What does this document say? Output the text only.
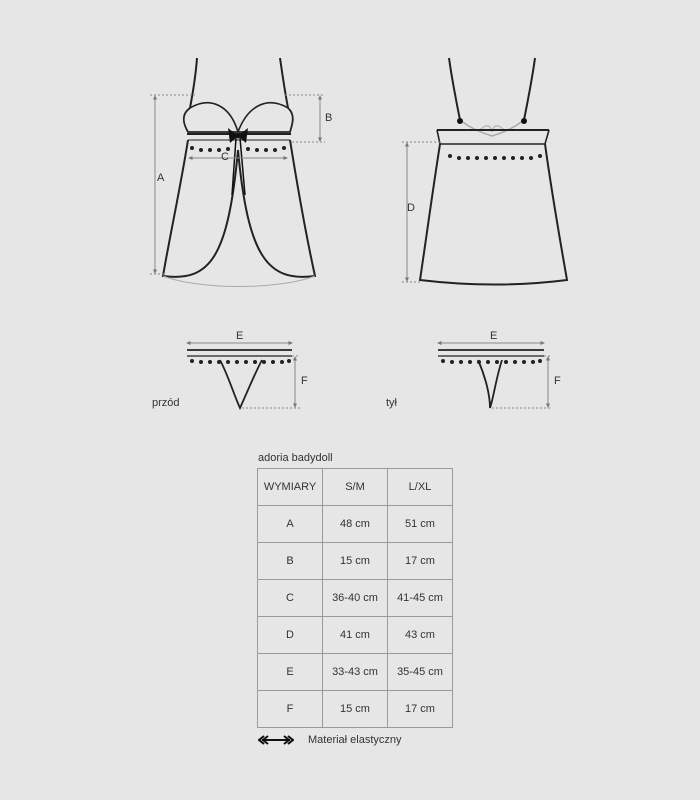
A
B
C
D
E
F
E
F
przód	tył
adoria badydoll
WYMIARY	S/M	L/XL
A	48 cm	51 cm
B	15 cm	17 cm
C	36-40 cm	41-45 cm
D	41 cm	43 cm
E	33-43 cm	35-45 cm
F	15 cm	17 cm
Materiał elastyczny
